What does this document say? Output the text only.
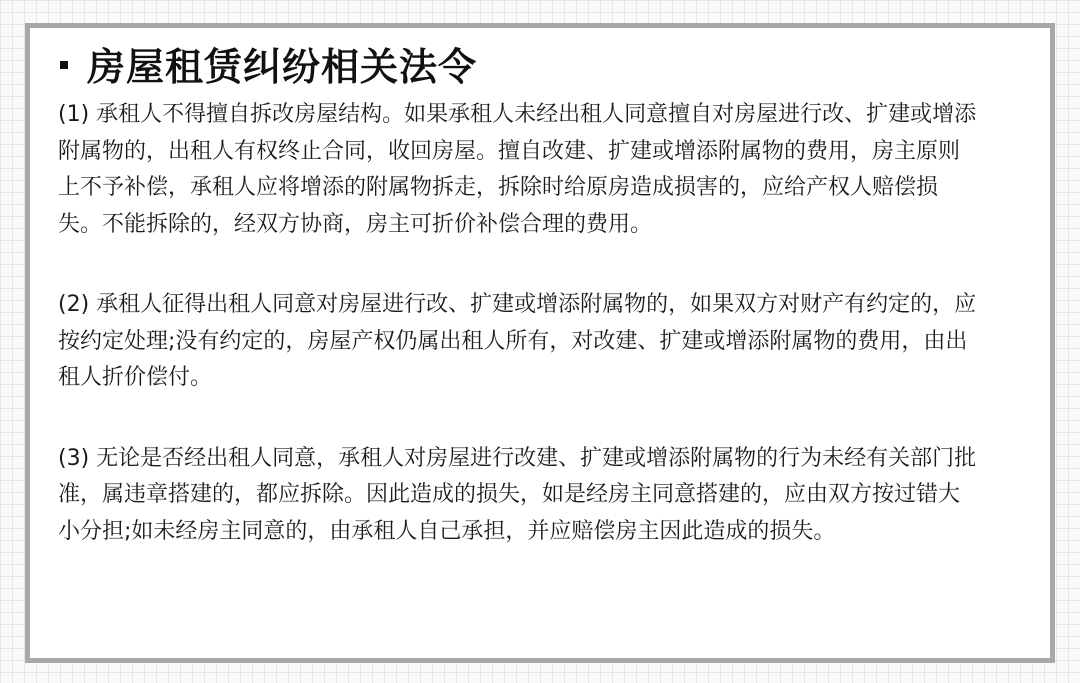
房屋租赁纠纷相关法令

(1) 承租人不得擅自拆改房屋结构。如果承租人未经出租人同意擅自对房屋进行改、扩建或增添附属物的，出租人有权终止合同，收回房屋。擅自改建、扩建或增添附属物的费用，房主原则上不予补偿，承租人应将增添的附属物拆走，拆除时给原房造成损害的，应给产权人赔偿损失。不能拆除的，经双方协商，房主可折价补偿合理的费用。

(2) 承租人征得出租人同意对房屋进行改、扩建或增添附属物的，如果双方对财产有约定的，应按约定处理;没有约定的，房屋产权仍属出租人所有，对改建、扩建或增添附属物的费用，由出租人折价偿付。

(3) 无论是否经出租人同意，承租人对房屋进行改建、扩建或增添附属物的行为未经有关部门批准，属违章搭建的，都应拆除。因此造成的损失，如是经房主同意搭建的，应由双方按过错大小分担;如未经房主同意的，由承租人自己承担，并应赔偿房主因此造成的损失。
